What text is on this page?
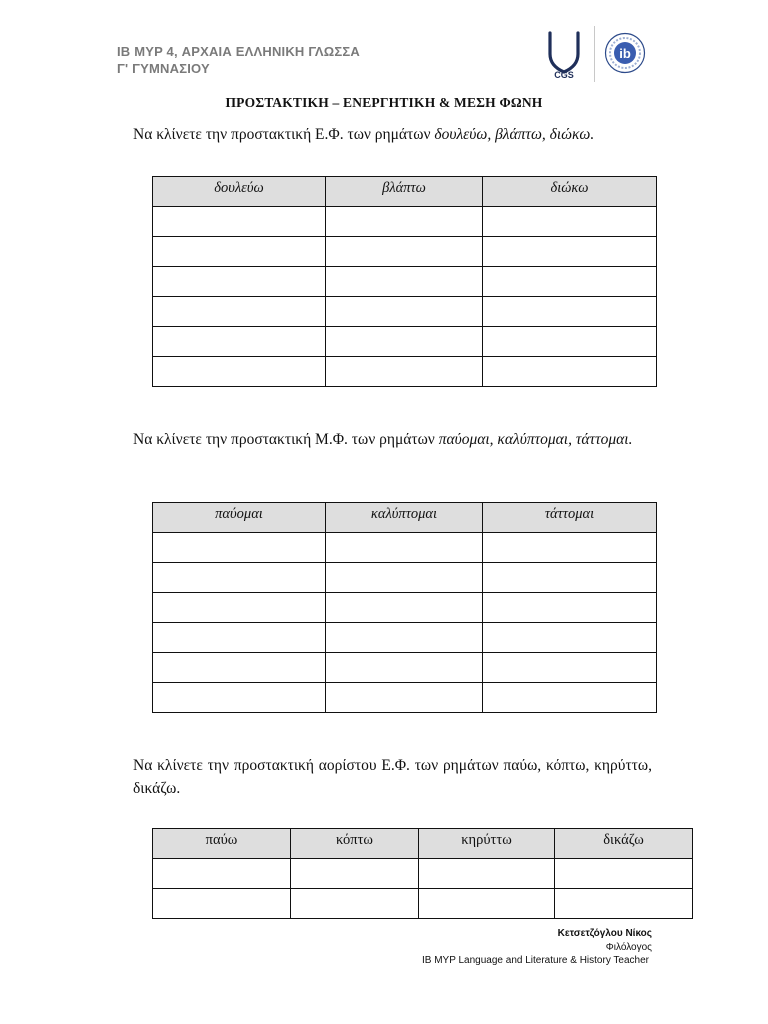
IB MYP 4, ΑΡΧΑΙΑ ΕΛΛΗΝΙΚΗ ΓΛΩΣΣΑ
Γ' ΓΥΜΝΑΣΙΟΥ	CGS
ib
ΠΡΟΣΤΑΚΤΙΚΗ – ΕΝΕΡΓΗΤΙΚΗ & ΜΕΣΗ ΦΩΝΗ
Να κλίνετε την προστακτική Ε.Φ. των ρημάτων δουλεύω, βλάπτω, διώκω.
δουλεύω	βλάπτω	διώκω

Να κλίνετε την προστακτική Μ.Φ. των ρημάτων παύομαι, καλύπτομαι, τάττομαι.
παύομαι	καλύπτομαι	τάττομαι

Να κλίνετε την προστακτική αορίστου Ε.Φ. των ρημάτων παύω, κόπτω, κηρύττω, δικάζω.
παύω	κόπτω	κηρύττω	δικάζω

Κετσετζόγλου Νίκος
Φιλόλογος
IB MYP Language and Literature & History Teacher
